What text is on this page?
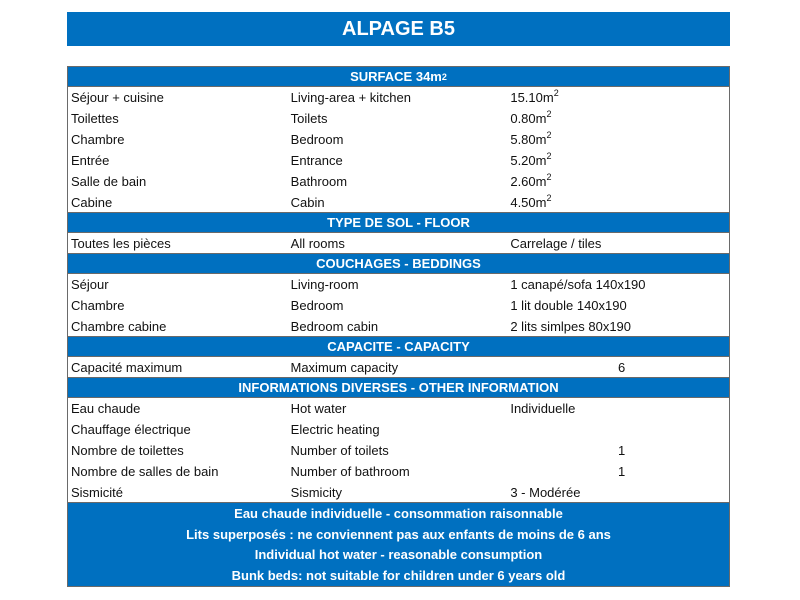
ALPAGE B5
SURFACE 34m 2
Séjour + cuisine	Living-area + kitchen	$15.10m^2$
Toilettes	Toilets	$0.80m^2$
Chambre	Bedroom	$5.80m^2$
Entrée	Entrance	$5.20m^2$
Salle de bain	Bathroom	$2.60m^2$
Cabine	Cabin	$4.50m^2$
TYPE DE SOL - FLOOR
Toutes les pièces	All rooms	Carrelage / tiles
COUCHAGES - BEDDINGS
Séjour	Living-room	1 canapé/sofa 140x190
Chambre	Bedroom	1 lit double 140x190
Chambre cabine	Bedroom cabin	2 lits simlpes 80x190
CAPACITE - CAPACITY
Capacité maximum	Maximum capacity	6
INFORMATIONS DIVERSES - OTHER INFORMATION
Eau chaude	Hot water	Individuelle
Chauffage électrique	Electric heating
Nombre de toilettes	Number of toilets	1
Nombre de salles de bain	Number of bathroom	1
Sismicité	Sismicity	3 - Modérée
Eau chaude individuelle - consommation raisonnable
Lits superposés : ne conviennent pas aux enfants de moins de 6 ans
Individual hot water - reasonable consumption
Bunk beds: not suitable for children under 6 years old
